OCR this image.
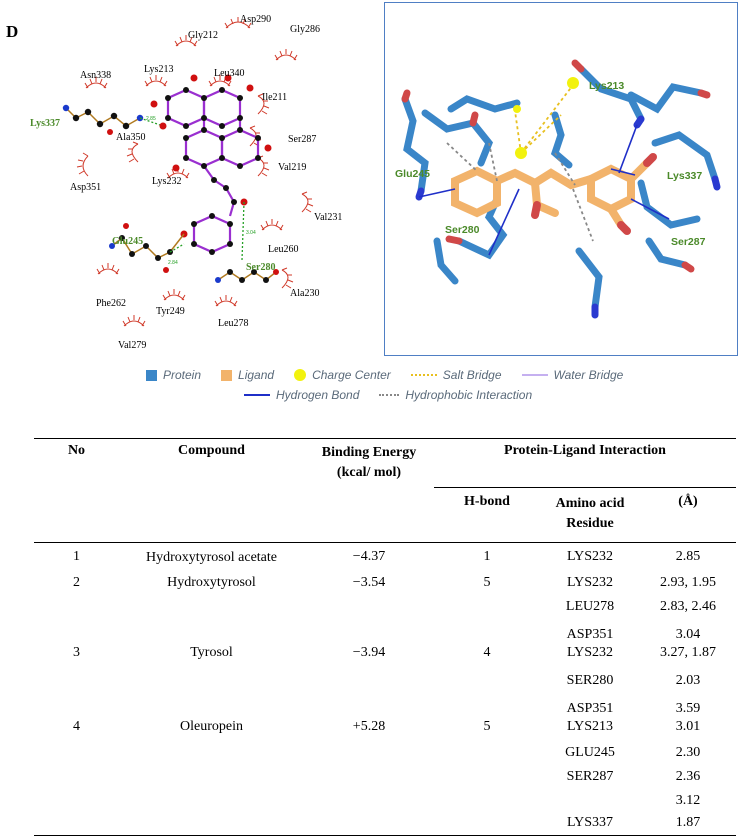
D
Asp290
Gly212
Gly286
Asn338
Lys213	Leu340
Ile211
Ser287
Ala350
Asp351
Val219
Lys232
Val231
Leu260
Ala230
Phe262
Tyr249
Leu278
Val279
Lys337
Glu245
Ser280
2.85
3.04
2.84
Lys213
Glu245	Lys337
Ser280
Ser287
Protein	Ligand	Charge Center	Salt Bridge	Water Bridge
Hydrogen Bond	Hydrophobic Interaction
No	Compound	Binding Energy (kcal/ mol)	Protein-Ligand Interaction		
			H-bond	Amino acid Residue	(Å)
1	Hydroxytyrosol acetate	−4.37	1	LYS232	2.85

2	Hydroxytyrosol	−3.54	5	LYS232	2.93, 1.95
				LEU278	2.83, 2.46
				ASP351	3.04
3	Tyrosol	−3.94	4	LYS232	3.27, 1.87
				SER280	2.03
				ASP351	3.59
4	Oleuropein	+5.28	5	LYS213	3.01
				GLU245	2.30
				SER287	2.36
					3.12
				LYS337	1.87
